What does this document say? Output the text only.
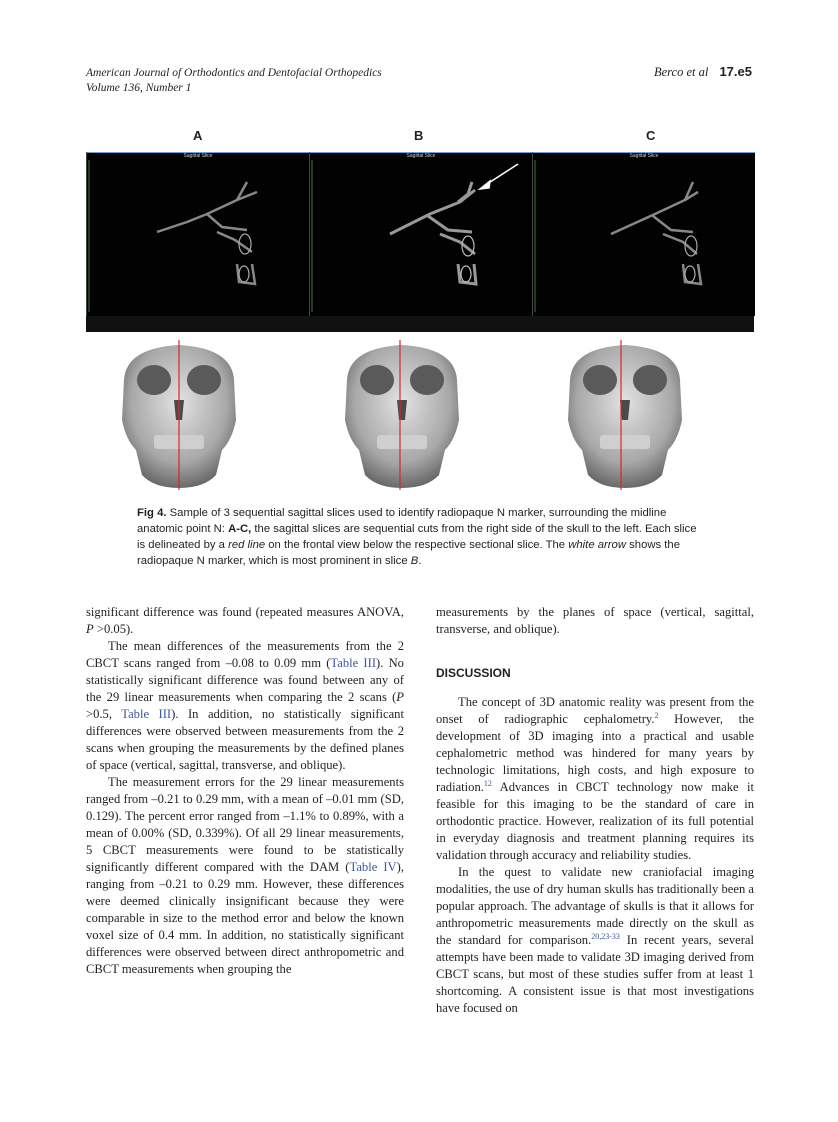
American Journal of Orthodontics and Dentofacial Orthopedics
Volume 136, Number 1
Berco et al 17.e5
A	B	C
Sagittal Slice	Sagittal Slice	Sagittal Slice
Fig 4. Sample of 3 sequential sagittal slices used to identify radiopaque N marker, surrounding the midline anatomic point N: A-C, the sagittal slices are sequential cuts from the right side of the skull to the left. Each slice is delineated by a red line on the frontal view below the respective sectional slice. The white arrow shows the radiopaque N marker, which is most prominent in slice B.

significant difference was found (repeated measures ANOVA, P >0.05).

The mean differences of the measurements from the 2 CBCT scans ranged from –0.08 to 0.09 mm (Table III). No statistically significant difference was found between any of the 29 linear measurements when comparing the 2 scans (P >0.5, Table III). In addition, no statistically significant differences were observed between measurements from the 2 scans when grouping the measurements by the defined planes of space (vertical, sagittal, transverse, and oblique).

The measurement errors for the 29 linear measurements ranged from –0.21 to 0.29 mm, with a mean of –0.01 mm (SD, 0.129). The percent error ranged from –1.1% to 0.89%, with a mean of 0.00% (SD, 0.339%). Of all 29 linear measurements, 5 CBCT measurements were found to be statistically significantly different compared with the DAM (Table IV), ranging from –0.21 to 0.29 mm. However, these differences were deemed clinically insignificant because they were comparable in size to the method error and below the known voxel size of 0.4 mm. In addition, no statistically significant differences were observed between direct anthropometric and CBCT measurements when grouping the

measurements by the planes of space (vertical, sagittal, transverse, and oblique).

DISCUSSION

The concept of 3D anatomic reality was present from the onset of radiographic cephalometry.$^2$ However, the development of 3D imaging into a practical and usable cephalometric method was hindered for many years by technologic limitations, high costs, and high exposure to radiation.$^{12}$ Advances in CBCT technology now make it feasible for this imaging to be the standard of care in orthodontic practice. However, realization of its full potential in everyday diagnosis and treatment planning requires its validation through accuracy and reliability studies.

In the quest to validate new craniofacial imaging modalities, the use of dry human skulls has traditionally been a popular approach. The advantage of skulls is that it allows for anthropometric measurements made directly on the skull as the standard for comparison.$^{20,23-33}$ In recent years, several attempts have been made to validate 3D imaging derived from CBCT scans, but most of these studies suffer from at least 1 shortcoming. A consistent issue is that most investigations have focused on
